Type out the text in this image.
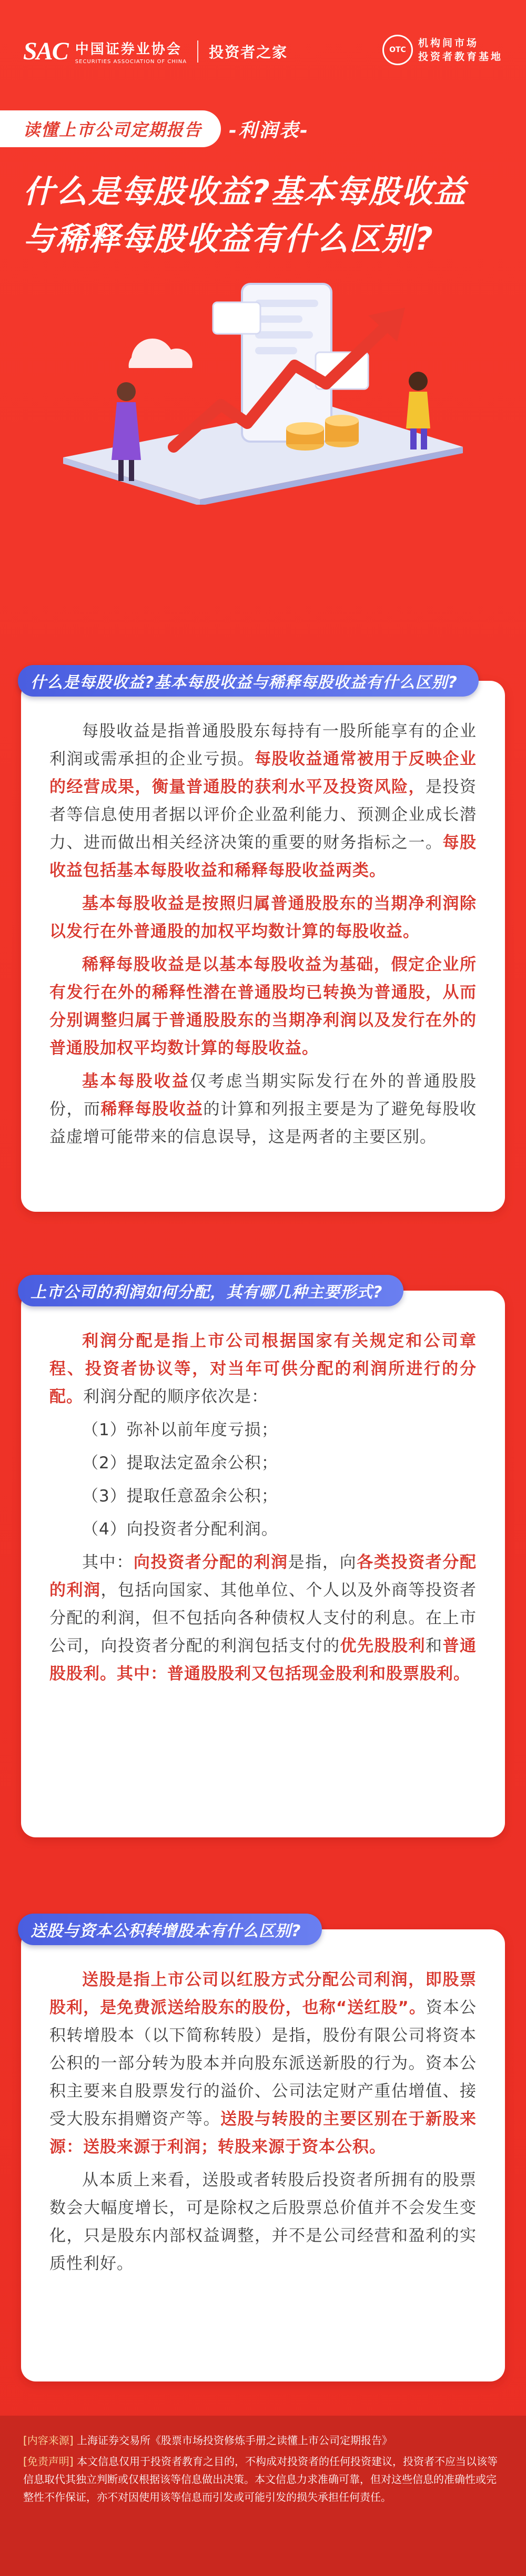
SAC 中国证券业协会
SECURITIES ASSOCIATION OF CHINA
投资者之家	OTC
机构间市场
投资者教育基地
读懂上市公司定期报告 -利润表-
什么是每股收益?基本每股收益
与稀释每股收益有什么区别?
什么是每股收益?基本每股收益与稀释每股收益有什么区别?

每股收益是指普通股股东每持有一股所能享有的企业利润或需承担的企业亏损。每股收益通常被用于反映企业的经营成果，衡量普通股的获利水平及投资风险，是投资者等信息使用者据以评价企业盈利能力、预测企业成长潜力、进而做出相关经济决策的重要的财务指标之一。每股收益包括基本每股收益和稀释每股收益两类。

基本每股收益是按照归属普通股股东的当期净利润除以发行在外普通股的加权平均数计算的每股收益。

稀释每股收益是以基本每股收益为基础，假定企业所有发行在外的稀释性潜在普通股均已转换为普通股，从而分别调整归属于普通股股东的当期净利润以及发行在外的普通股加权平均数计算的每股收益。

基本每股收益仅考虑当期实际发行在外的普通股股份，而稀释每股收益的计算和列报主要是为了避免每股收益虚增可能带来的信息误导，这是两者的主要区别。

上市公司的利润如何分配，其有哪几种主要形式?

利润分配是指上市公司根据国家有关规定和公司章程、投资者协议等，对当年可供分配的利润所进行的分配。利润分配的顺序依次是：

（1）弥补以前年度亏损；

（2）提取法定盈余公积；

（3）提取任意盈余公积；

（4）向投资者分配利润。

其中：向投资者分配的利润是指，向各类投资者分配的利润，包括向国家、其他单位、个人以及外商等投资者分配的利润，但不包括向各种债权人支付的利息。在上市公司，向投资者分配的利润包括支付的优先股股利和普通股股利。其中：普通股股利又包括现金股利和股票股利。

送股与资本公积转增股本有什么区别?

送股是指上市公司以红股方式分配公司利润，即股票股利，是免费派送给股东的股份，也称“送红股”。资本公积转增股本（以下简称转股）是指，股份有限公司将资本公积的一部分转为股本并向股东派送新股的行为。资本公积主要来自股票发行的溢价、公司法定财产重估增值、接受大股东捐赠资产等。送股与转股的主要区别在于新股来源：送股来源于利润；转股来源于资本公积。

从本质上来看，送股或者转股后投资者所拥有的股票数会大幅度增长，可是除权之后股票总价值并不会发生变化，只是股东内部权益调整，并不是公司经营和盈利的实质性利好。

[内容来源] 上海证券交易所《股票市场投资修炼手册之读懂上市公司定期报告》

[免责声明] 本文信息仅用于投资者教育之目的，不构成对投资者的任何投资建议，投资者不应当以该等信息取代其独立判断或仅根据该等信息做出决策。本文信息力求准确可靠，但对这些信息的准确性或完整性不作保证，亦不对因使用该等信息而引发或可能引发的损失承担任何责任。
